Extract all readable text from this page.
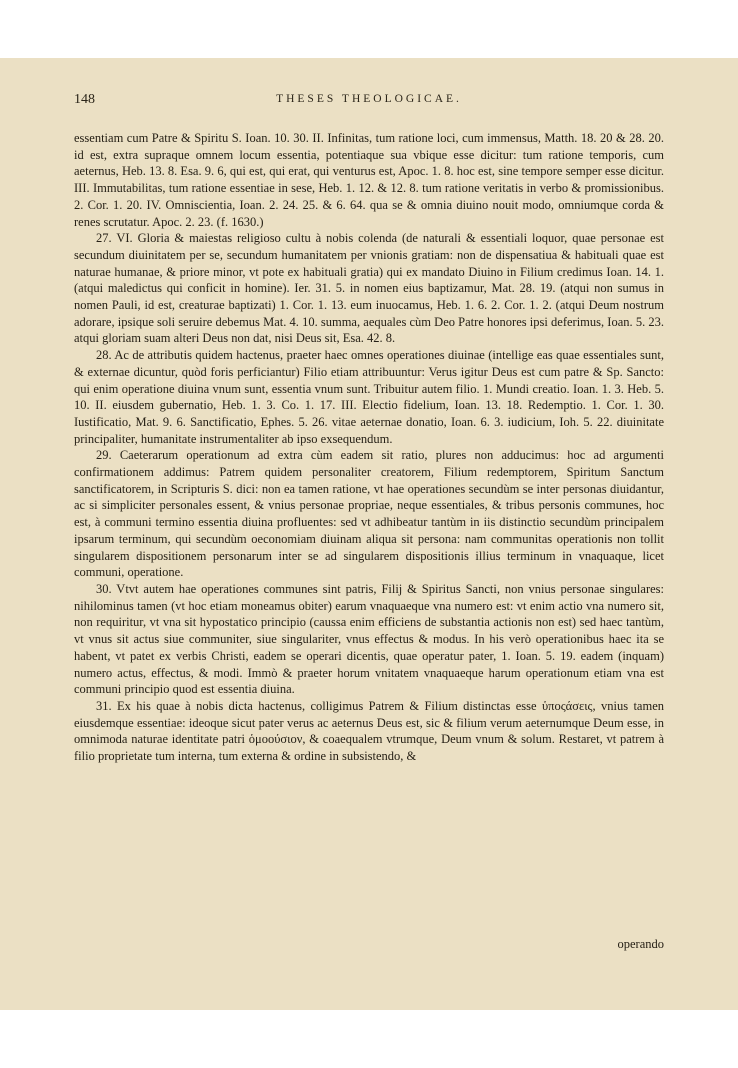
148	THESES THEOLOGICAE.

essentiam cum Patre & Spiritu S. Ioan. 10. 30. II. Infinitas, tum ratione loci, cum immensus, Matth. 18. 20 & 28. 20. id est, extra supraque omnem locum essentia, potentiaque sua vbique esse dicitur: tum ratione temporis, cum aeternus, Heb. 13. 8. Esa. 9. 6, qui est, qui erat, qui venturus est, Apoc. 1. 8. hoc est, sine tempore semper esse dicitur. III. Immutabilitas, tum ratione essentiae in sese, Heb. 1. 12. & 12. 8. tum ratione veritatis in verbo & promissionibus. 2. Cor. 1. 20. IV. Omniscientia, Ioan. 2. 24. 25. & 6. 64. qua se & omnia diuino nouit modo, omniumque corda & renes scrutatur. Apoc. 2. 23. (f. 1630.)

27. VI. Gloria & maiestas religioso cultu à nobis colenda (de naturali & essentiali loquor, quae personae est secundum diuinitatem per se, secundum humanitatem per vnionis gratiam: non de dispensatiua & habituali quae est naturae humanae, & priore minor, vt pote ex habituali gratia) qui ex mandato Diuino in Filium credimus Ioan. 14. 1. (atqui maledictus qui conficit in homine). Ier. 31. 5. in nomen eius baptizamur, Mat. 28. 19. (atqui non sumus in nomen Pauli, id est, creaturae baptizati) 1. Cor. 1. 13. eum inuocamus, Heb. 1. 6. 2. Cor. 1. 2. (atqui Deum nostrum adorare, ipsique soli seruire debemus Mat. 4. 10. summa, aequales cùm Deo Patre honores ipsi deferimus, Ioan. 5. 23. atqui gloriam suam alteri Deus non dat, nisi Deus sit, Esa. 42. 8.

28. Ac de attributis quidem hactenus, praeter haec omnes operationes diuinae (intellige eas quae essentiales sunt, & externae dicuntur, quòd foris perficiantur) Filio etiam attribuuntur: Verus igitur Deus est cum patre & Sp. Sancto: qui enim operatione diuina vnum sunt, essentia vnum sunt. Tribuitur autem filio. 1. Mundi creatio. Ioan. 1. 3. Heb. 5. 10. II. eiusdem gubernatio, Heb. 1. 3. Co. 1. 17. III. Electio fidelium, Ioan. 13. 18. Redemptio. 1. Cor. 1. 30. Iustificatio, Mat. 9. 6. Sanctificatio, Ephes. 5. 26. vitae aeternae donatio, Ioan. 6. 3. iudicium, Ioh. 5. 22. diuinitate principaliter, humanitate instrumentaliter ab ipso exsequendum.

29. Caeterarum operationum ad extra cùm eadem sit ratio, plures non adducimus: hoc ad argumenti confirmationem addimus: Patrem quidem personaliter creatorem, Filium redemptorem, Spiritum Sanctum sanctificatorem, in Scripturis S. dici: non ea tamen ratione, vt hae operationes secundùm se inter personas diuidantur, ac si simpliciter personales essent, & vnius personae propriae, neque essentiales, & tribus personis communes, hoc est, à communi termino essentia diuina profluentes: sed vt adhibeatur tantùm in iis distinctio secundùm principalem ipsarum terminum, qui secundùm oeconomiam diuinam aliqua sit persona: nam communitas operationis non tollit singularem dispositionem personarum inter se ad singularem dispositionis illius terminum in vnaquaque, licet communi, operatione.

30. Vtvt autem hae operationes communes sint patris, Filij & Spiritus Sancti, non vnius personae singulares: nihilominus tamen (vt hoc etiam moneamus obiter) earum vnaquaeque vna numero est: vt enim actio vna numero sit, non requiritur, vt vna sit hypostatico principio (caussa enim efficiens de substantia actionis non est) sed haec tantùm, vt vnus sit actus siue communiter, siue singulariter, vnus effectus & modus. In his verò operationibus haec ita se habent, vt patet ex verbis Christi, eadem se operari dicentis, quae operatur pater, 1. Ioan. 5. 19. eadem (inquam) numero actus, effectus, & modi. Immò & praeter horum vnitatem vnaquaeque harum operationum etiam vna est communi principio quod est essentia diuina.

31. Ex his quae à nobis dicta hactenus, colligimus Patrem & Filium distinctas esse ὑποςάσεις, vnius tamen eiusdemque essentiae: ideoque sicut pater verus ac aeternus Deus est, sic & filium verum aeternumque Deum esse, in omnimoda naturae identitate patri ὁμοούσιον, & coaequalem vtrumque, Deum vnum & solum. Restaret, vt patrem à filio proprietate tum interna, tum externa & ordine in subsistendo, &

operando
